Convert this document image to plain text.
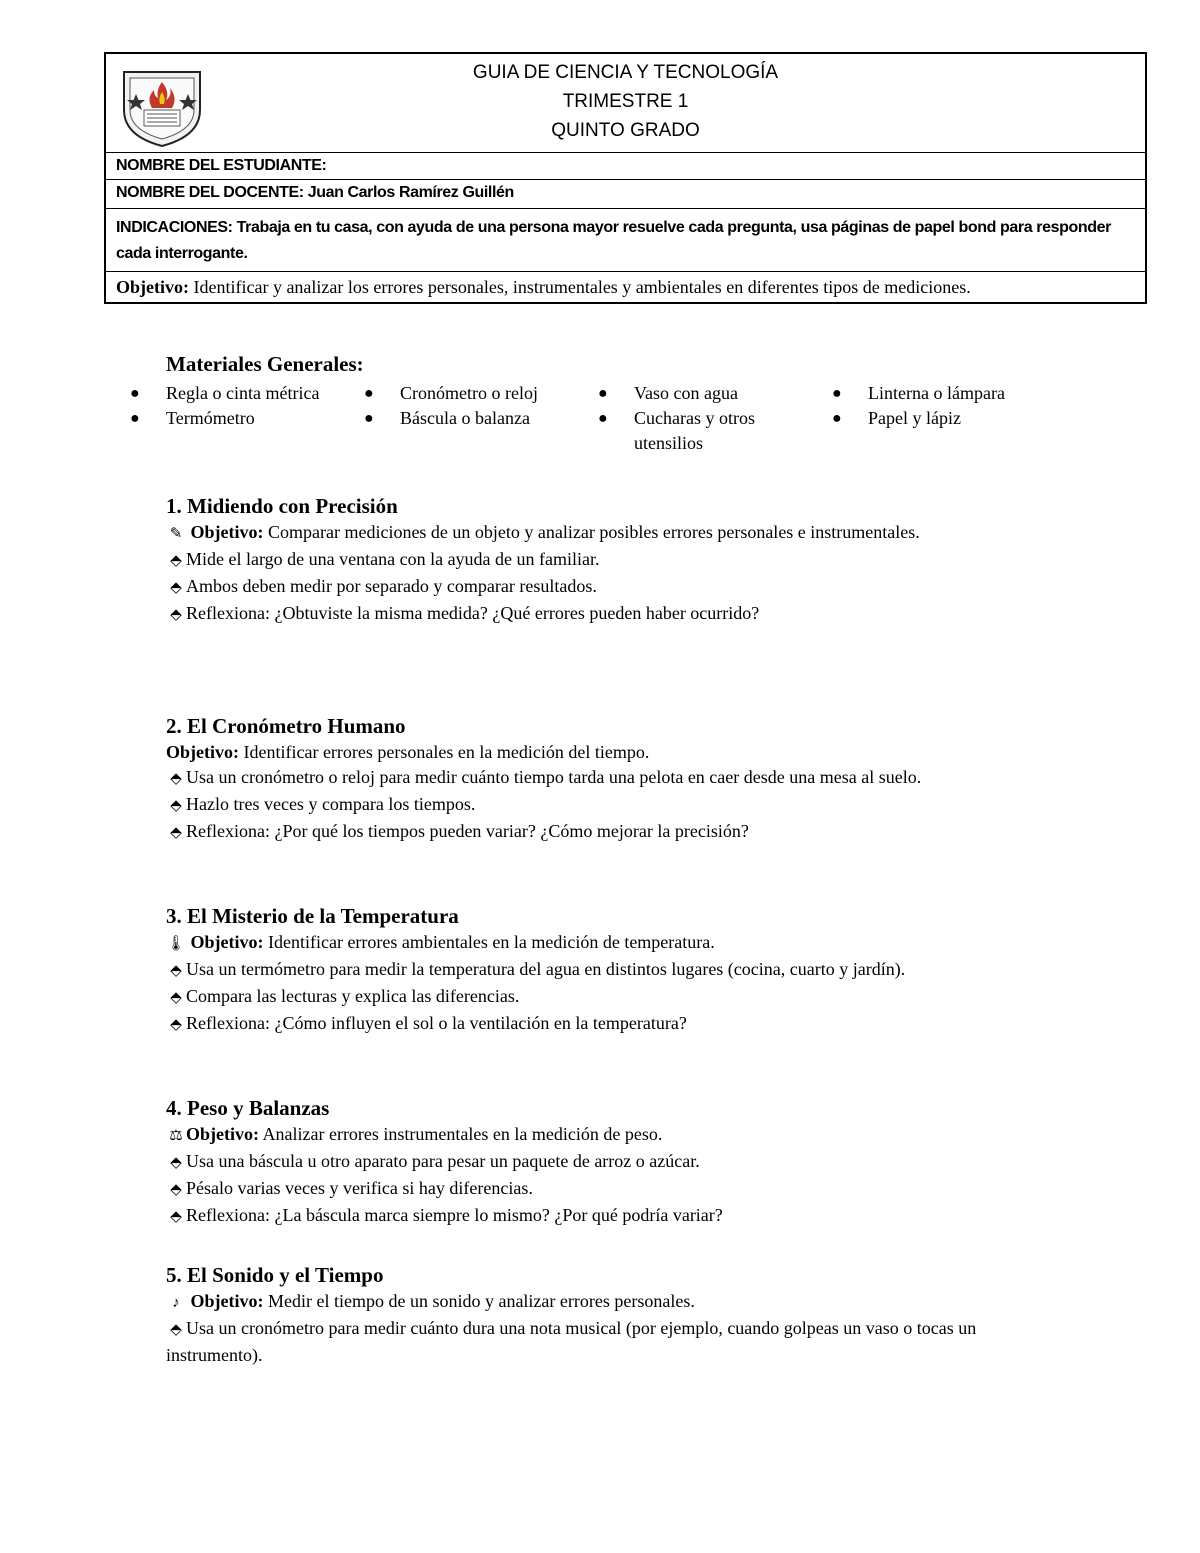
GUIA DE CIENCIA Y TECNOLOGÍA
TRIMESTRE 1
QUINTO GRADO
NOMBRE DEL ESTUDIANTE:
NOMBRE DEL DOCENTE: Juan Carlos Ramírez Guillén
INDICACIONES: Trabaja en tu casa, con ayuda de una persona mayor resuelve cada pregunta, usa páginas de papel bond para responder cada interrogante.
Objetivo: Identificar y analizar los errores personales, instrumentales y ambientales en diferentes tipos de mediciones.
Materiales Generales:
● Regla o cinta métrica
● Termómetro
● Cronómetro o reloj
● Báscula o balanza
● Vaso con agua
● Cucharas y otros utensilios
● Linterna o lámpara
● Papel y lápiz
1. Midiendo con Precisión

✎ Objetivo: Comparar mediciones de un objeto y analizar posibles errores personales e instrumentales.

⬘ Mide el largo de una ventana con la ayuda de un familiar.

⬘ Ambos deben medir por separado y comparar resultados.

⬘ Reflexiona: ¿Obtuviste la misma medida? ¿Qué errores pueden haber ocurrido?

2. El Cronómetro Humano

Objetivo: Identificar errores personales en la medición del tiempo.

⬘ Usa un cronómetro o reloj para medir cuánto tiempo tarda una pelota en caer desde una mesa al suelo.

⬘ Hazlo tres veces y compara los tiempos.

⬘ Reflexiona: ¿Por qué los tiempos pueden variar? ¿Cómo mejorar la precisión?

3. El Misterio de la Temperatura

🌡 Objetivo: Identificar errores ambientales en la medición de temperatura.

⬘ Usa un termómetro para medir la temperatura del agua en distintos lugares (cocina, cuarto y jardín).

⬘ Compara las lecturas y explica las diferencias.

⬘ Reflexiona: ¿Cómo influyen el sol o la ventilación en la temperatura?

4. Peso y Balanzas

⚖ Objetivo: Analizar errores instrumentales en la medición de peso.

⬘ Usa una báscula u otro aparato para pesar un paquete de arroz o azúcar.

⬘ Pésalo varias veces y verifica si hay diferencias.

⬘ Reflexiona: ¿La báscula marca siempre lo mismo? ¿Por qué podría variar?

5. El Sonido y el Tiempo

♪ Objetivo: Medir el tiempo de un sonido y analizar errores personales.

⬘ Usa un cronómetro para medir cuánto dura una nota musical (por ejemplo, cuando golpeas un vaso o tocas un instrumento).
